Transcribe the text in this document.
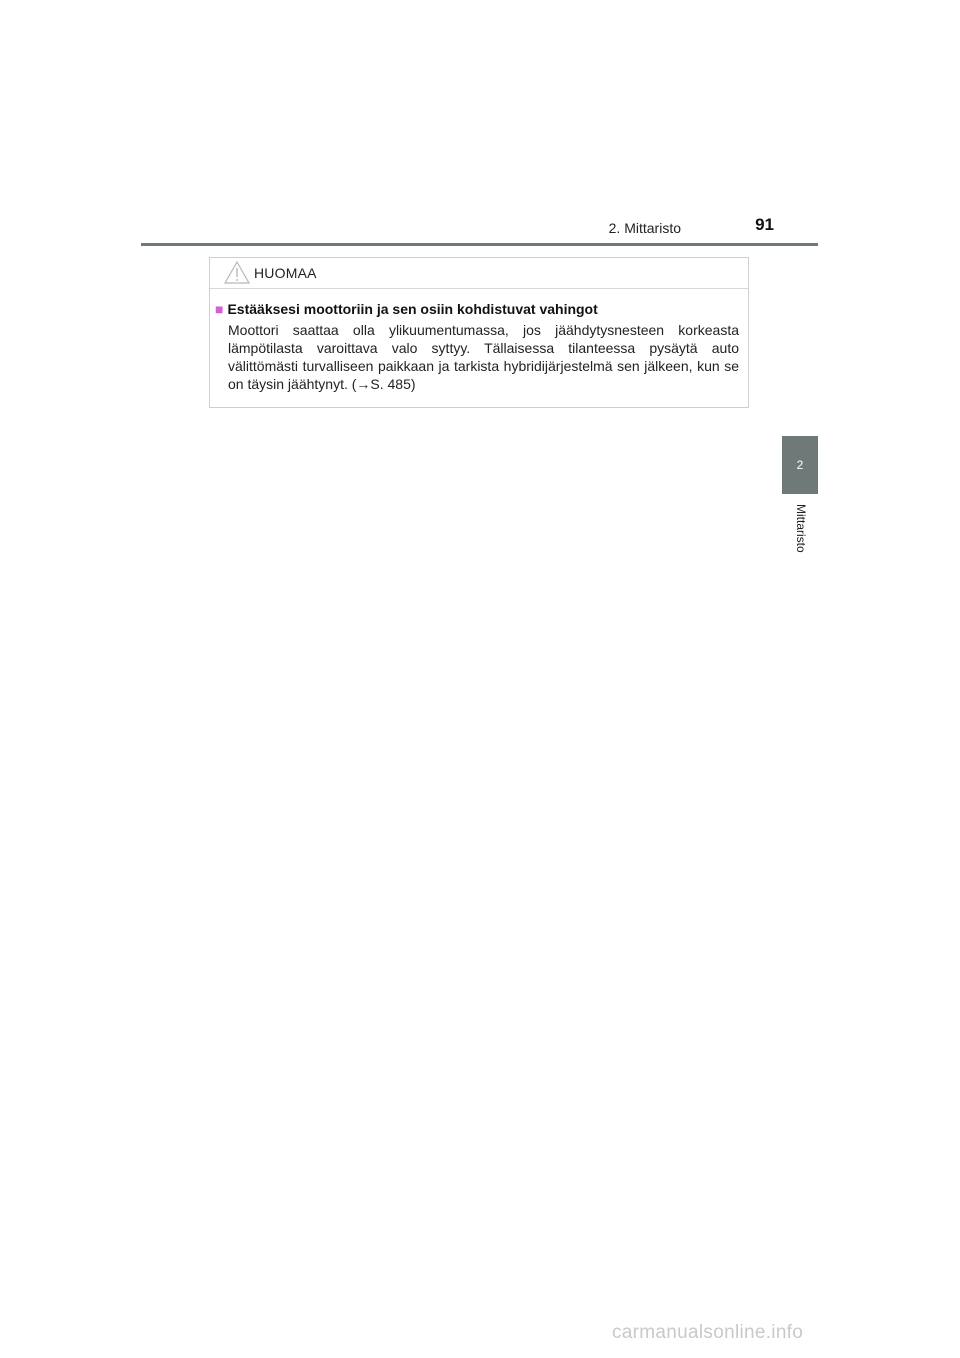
2. Mittaristo	91
HUOMAA
■ Estääksesi moottoriin ja sen osiin kohdistuvat vahingot
Moottori saattaa olla ylikuumentumassa, jos jäähdytysnesteen korkeasta lämpötilasta varoittava valo syttyy. Tällaisessa tilanteessa pysäytä auto välittömästi turvalliseen paikkaan ja tarkista hybridijärjestelmä sen jälkeen, kun se on täysin jäähtynyt. (→S. 485)
2
Mittaristo
carmanualsonline.info
